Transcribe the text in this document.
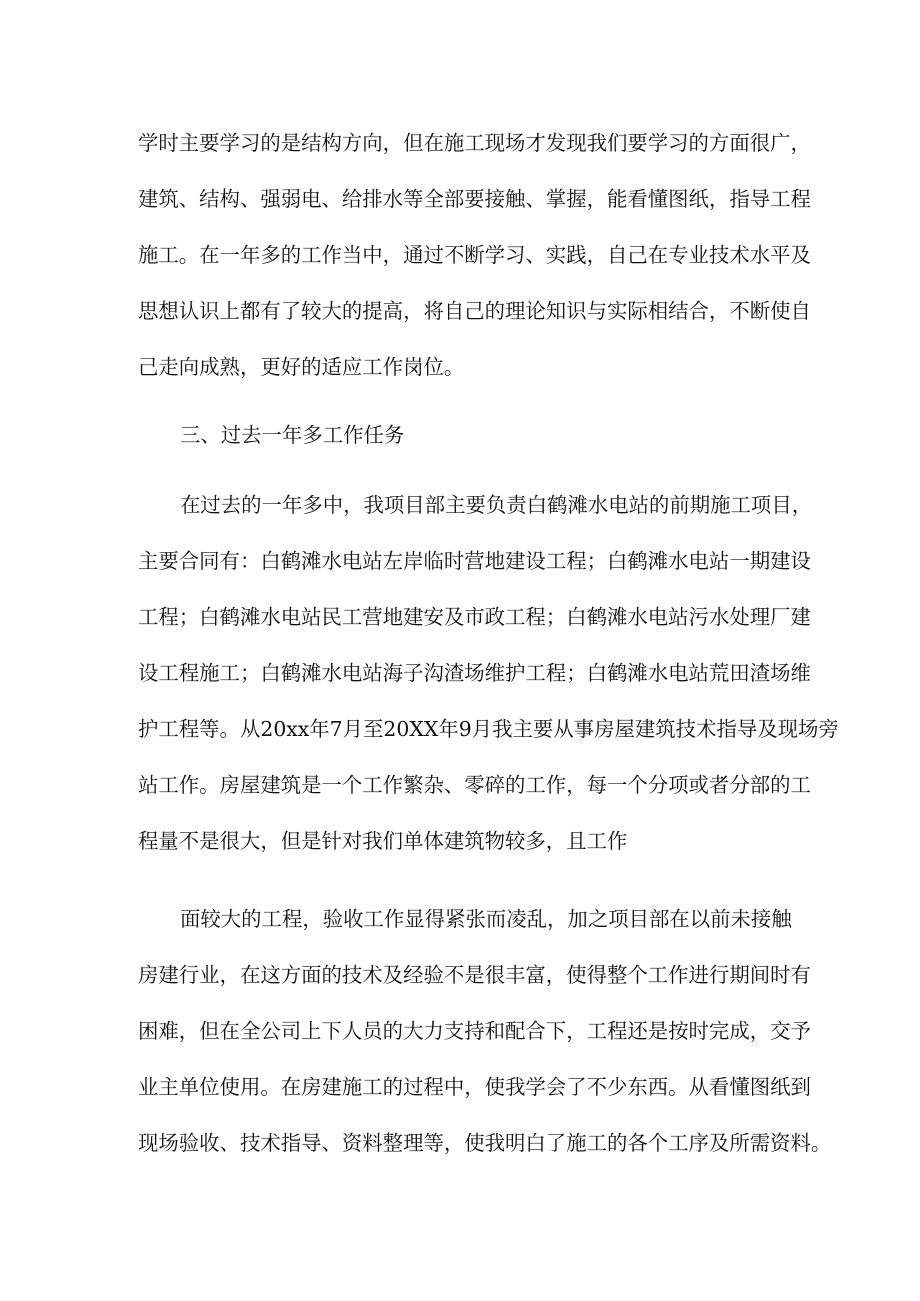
学时主要学习的是结构方向，但在施工现场才发现我们要学习的方面很广，
建筑、结构、强弱电、给排水等全部要接触、掌握，能看懂图纸，指导工程
施工。在一年多的工作当中，通过不断学习、实践，自己在专业技术水平及
思想认识上都有了较大的提高，将自己的理论知识与实际相结合，不断使自
己走向成熟，更好的适应工作岗位。
三、过去一年多工作任务
在过去的一年多中，我项目部主要负责白鹤滩水电站的前期施工项目，
主要合同有：白鹤滩水电站左岸临时营地建设工程；白鹤滩水电站一期建设
工程；白鹤滩水电站民工营地建安及市政工程；白鹤滩水电站污水处理厂建
设工程施工；白鹤滩水电站海子沟渣场维护工程；白鹤滩水电站荒田渣场维
护工程等。从20xx年7月至20XX年9月我主要从事房屋建筑技术指导及现场旁
站工作。房屋建筑是一个工作繁杂、零碎的工作，每一个分项或者分部的工
程量不是很大，但是针对我们单体建筑物较多，且工作
面较大的工程，验收工作显得紧张而凌乱，加之项目部在以前未接触
房建行业，在这方面的技术及经验不是很丰富，使得整个工作进行期间时有
困难，但在全公司上下人员的大力支持和配合下，工程还是按时完成，交予
业主单位使用。在房建施工的过程中，使我学会了不少东西。从看懂图纸到
现场验收、技术指导、资料整理等，使我明白了施工的各个工序及所需资料。
